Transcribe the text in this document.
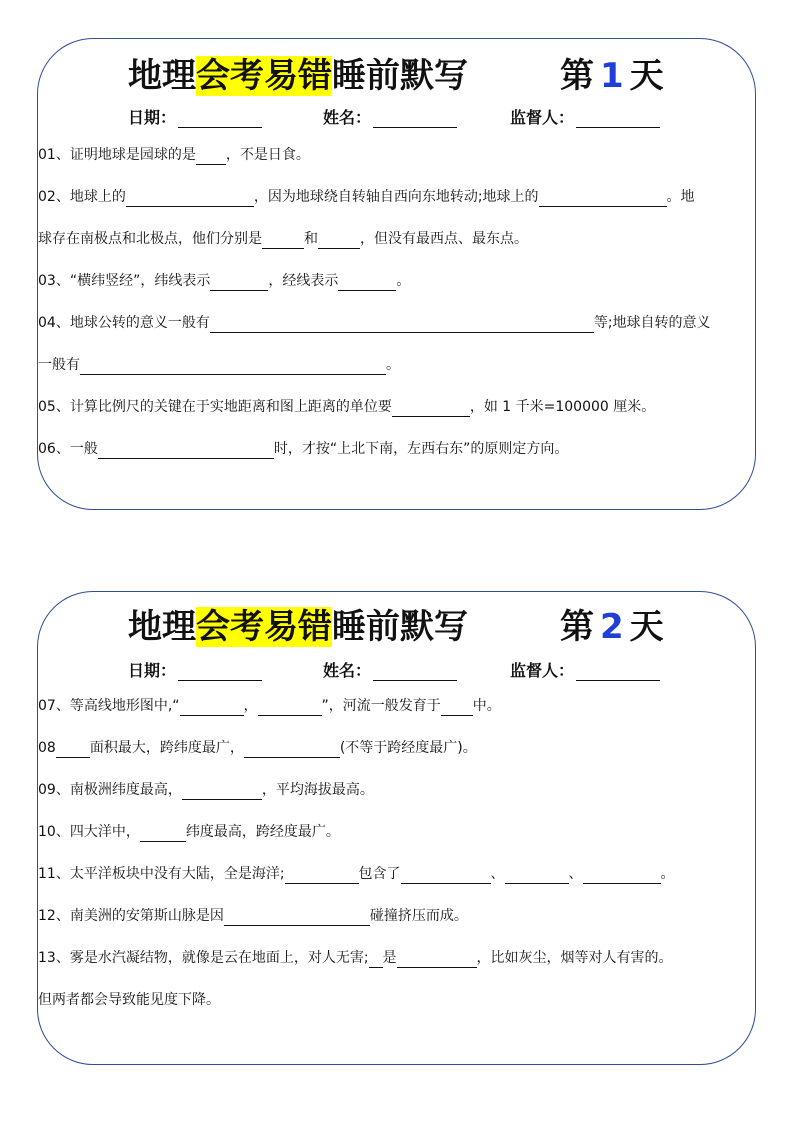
地理会考易错睡前默写	第 1 天
日期：	姓名：	监督人：
01、证明地球是园球的是 ，不是日食。
02、地球上的	，因为地球绕自转轴自西向东地转动;地球上的	。地
球存在南极点和北极点，他们分别是	和	，但没有最西点、最东点。
03、“横纬竖经”，纬线表示	，经线表示	。
04、地球公转的意义一般有	等;地球自转的意义
一般有	。
05、计算比例尺的关键在于实地距离和图上距离的单位要	，如 1 千米=100000 厘米。
06、一般	时，才按“上北下南，左西右东”的原则定方向。
地理会考易错睡前默写	第 2 天
日期：	姓名：	监督人：
07、等高线地形图中,“	，	”，河流一般发育于 中。
08 面积最大，跨纬度最广，	(不等于跨经度最广)。
09、南极洲纬度最高，	，平均海拔最高。
10、四大洋中，	纬度最高，跨经度最广。
11、太平洋板块中没有大陆，全是海洋;	包含了	、	、	。
12、南美洲的安第斯山脉是因	碰撞挤压而成。
13、雾是水汽凝结物，就像是云在地面上，对人无害; 是	，比如灰尘，烟等对人有害的。
但两者都会导致能见度下降。
